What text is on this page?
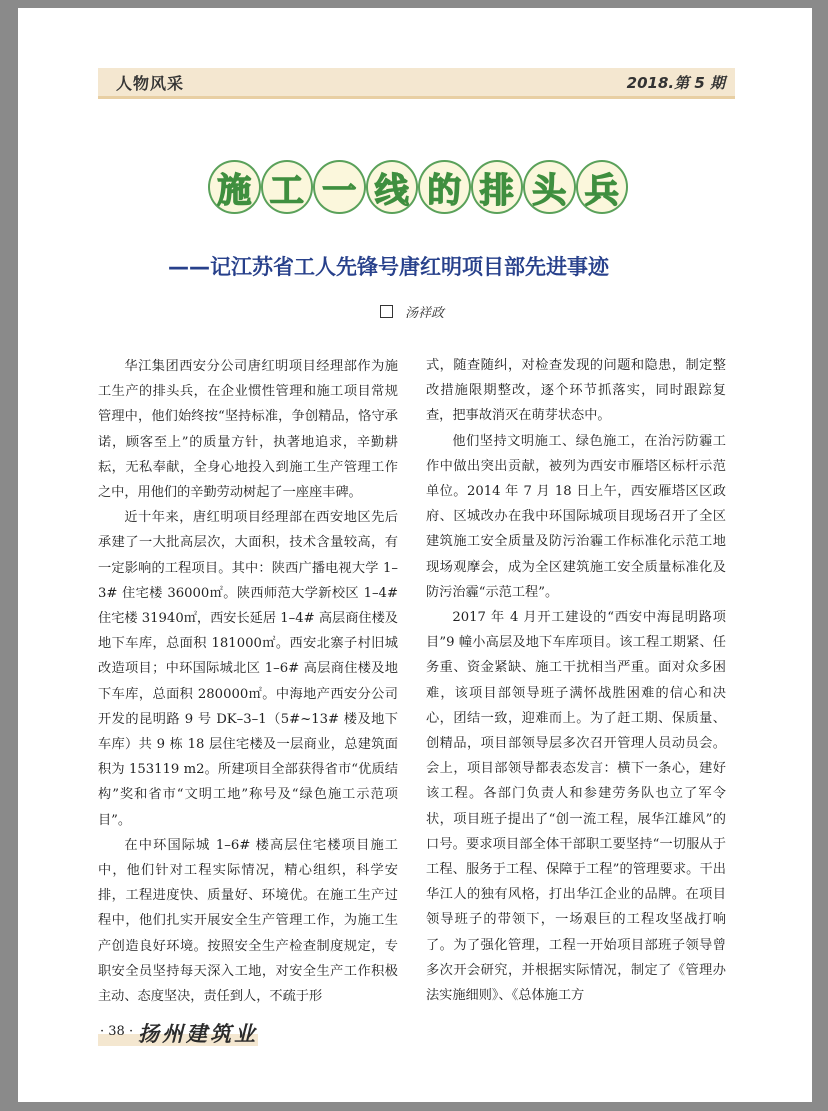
人物风采	2018.第 5 期
施 工 一 线 的 排 头 兵
——记江苏省工人先锋号唐红明项目部先进事迹
汤祥政

华江集团西安分公司唐红明项目经理部作为施工生产的排头兵，在企业惯性管理和施工项目常规管理中，他们始终按“坚持标准，争创精品，恪守承诺，顾客至上”的质量方针，执著地追求，辛勤耕耘，无私奉献，全身心地投入到施工生产管理工作之中，用他们的辛勤劳动树起了一座座丰碑。

近十年来，唐红明项目经理部在西安地区先后承建了一大批高层次，大面积，技术含量较高，有一定影响的工程项目。其中：陕西广播电视大学 1–3# 住宅楼 36000㎡。陕西师范大学新校区 1–4# 住宅楼 31940㎡，西安长延居 1–4# 高层商住楼及地下车库，总面积 181000㎡。西安北寨子村旧城改造项目；中环国际城北区 1–6# 高层商住楼及地下车库，总面积 280000㎡。中海地产西安分公司开发的昆明路 9 号 DK–3–1（5#~13# 楼及地下车库）共 9 栋 18 层住宅楼及一层商业，总建筑面积为 153119 m2。所建项目全部获得省市“优质结构”奖和省市“文明工地”称号及“绿色施工示范项目”。

在中环国际城 1–6# 楼高层住宅楼项目施工中，他们针对工程实际情况，精心组织，科学安排，工程进度快、质量好、环境优。在施工生产过程中，他们扎实开展安全生产管理工作，为施工生产创造良好环境。按照安全生产检查制度规定，专职安全员坚持每天深入工地，对安全生产工作积极主动、态度坚决，责任到人，不疏于形

式，随查随纠，对检查发现的问题和隐患，制定整改措施限期整改，逐个环节抓落实，同时跟踪复查，把事故消灭在萌芽状态中。

他们坚持文明施工、绿色施工，在治污防霾工作中做出突出贡献，被列为西安市雁塔区标杆示范单位。2014 年 7 月 18 日上午，西安雁塔区区政府、区城改办在我中环国际城项目现场召开了全区建筑施工安全质量及防污治霾工作标准化示范工地现场观摩会，成为全区建筑施工安全质量标准化及防污治霾“示范工程”。

2017 年 4 月开工建设的“西安中海昆明路项目”9 幢小高层及地下车库项目。该工程工期紧、任务重、资金紧缺、施工干扰相当严重。面对众多困难，该项目部领导班子满怀战胜困难的信心和决心，团结一致，迎难而上。为了赶工期、保质量、创精品，项目部领导层多次召开管理人员动员会。会上，项目部领导都表态发言：横下一条心，建好该工程。各部门负责人和参建劳务队也立了军令状，项目班子提出了“创一流工程，展华江雄风”的口号。要求项目部全体干部职工要坚持“一切服从于工程、服务于工程、保障于工程”的管理要求。干出华江人的独有风格，打出华江企业的品牌。在项目领导班子的带领下，一场艰巨的工程攻坚战打响了。为了强化管理，工程一开始项目部班子领导曾多次开会研究，并根据实际情况，制定了《管理办法实施细则》、《总体施工方

· 38 · 扬州建筑业
